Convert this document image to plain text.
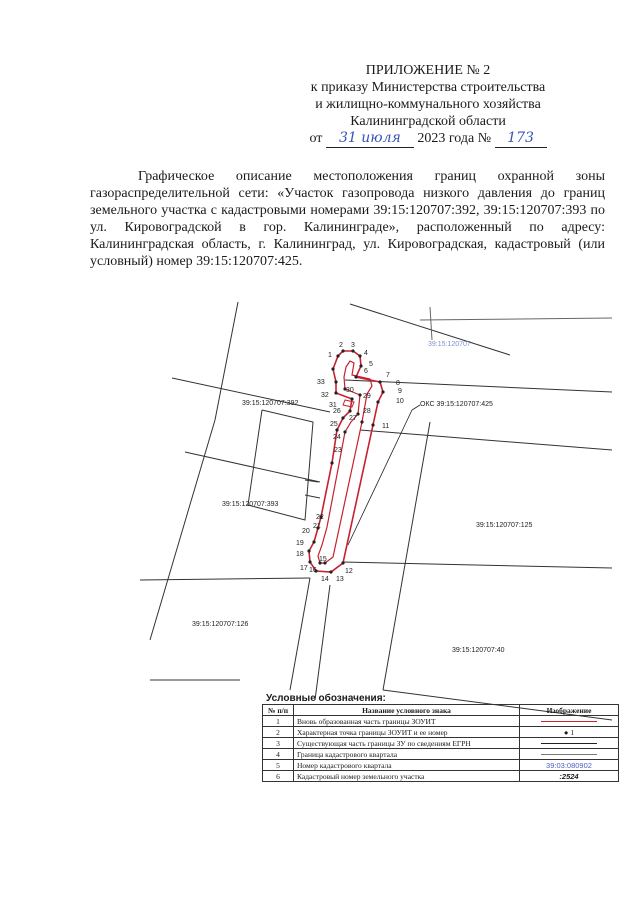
ПРИЛОЖЕНИЕ № 2
к приказу Министерства строительства
и жилищно-коммунального хозяйства
Калининградской области
от 31 июля 2023 года № 173
Графическое описание местоположения границ охранной зоны газораспределительной сети: «Участок газопровода низкого давления до границ земельного участка с кадастровыми номерами 39:15:120707:392, 39:15:120707:393 по ул. Кировоградской в гор. Калининграде», расположенный по адресу: Калининградская область, г. Калининград, ул. Кировоградская, кадастровый (или условный) номер 39:15:120707:425.
1
2 3
4
5
6
7
8
9
10
11
12
13
14
15
16
17
18
19
20
21
22
23
24
25
26
27
28
29
30
31
32
33
39:15:120707
39:15:120707:392
39:15:120707:393
39:15:120707:125
39:15:120707:126
39:15:120707:40
ОКС 39:15:120707:425
Условные обозначения:
№ п/п	Название условного знака	Изображение
1	Вновь образованная часть границы ЗОУИТ	
2	Характерная точка границы ЗОУИТ и ее номер	● 1
3	Существующая часть границы ЗУ по сведениям ЕГРН	
4	Граница кадастрового квартала	
5	Номер кадастрового квартала	39:03:080902
6	Кадастровый номер земельного участка	:2524
